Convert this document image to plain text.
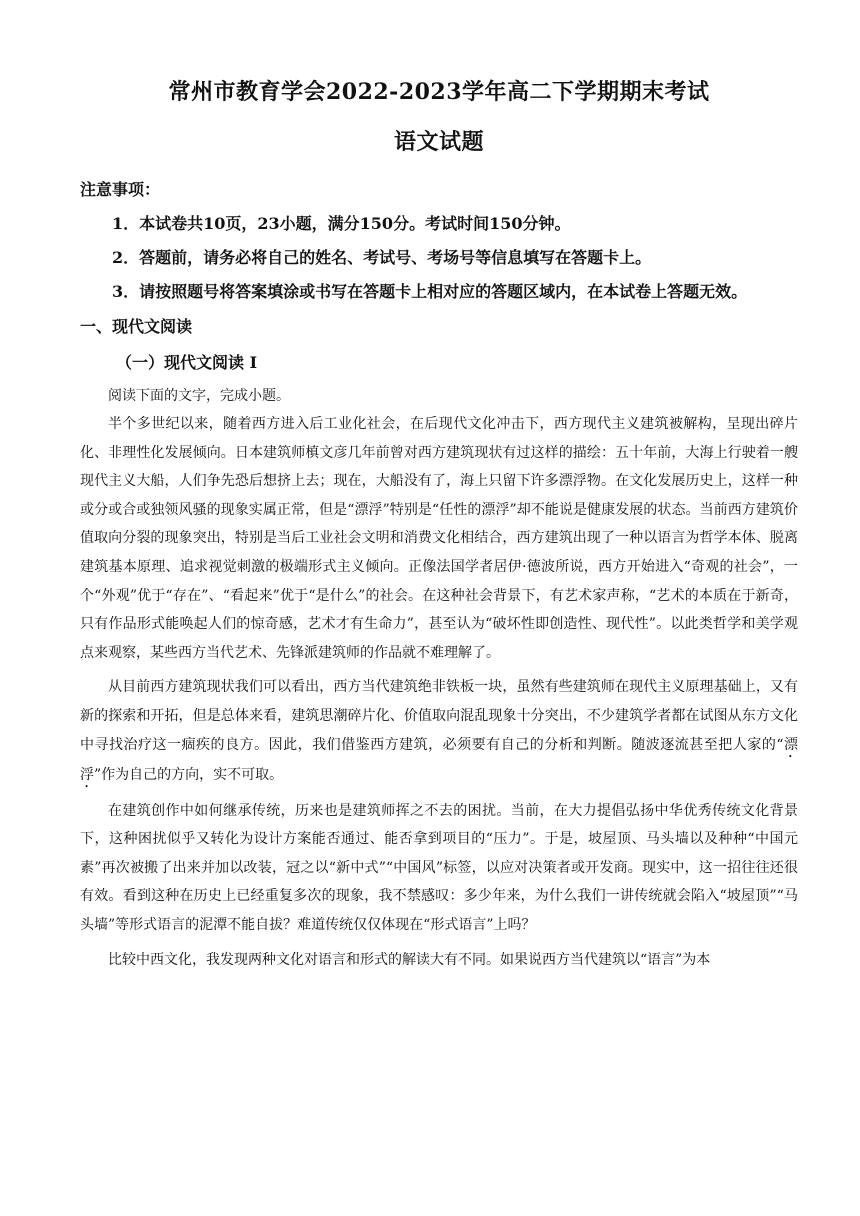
常州市教育学会2022-2023学年高二下学期期末考试
语文试题
注意事项：
1．本试卷共10页，23小题，满分150分。考试时间150分钟。
2．答题前，请务必将自己的姓名、考试号、考场号等信息填写在答题卡上。
3．请按照题号将答案填涂或书写在答题卡上相对应的答题区域内，在本试卷上答题无效。
一、现代文阅读
（一）现代文阅读 I
阅读下面的文字，完成小题。

半个多世纪以来，随着西方进入后工业化社会，在后现代文化冲击下，西方现代主义建筑被解构，呈现出碎片化、非理性化发展倾向。日本建筑师槙文彦几年前曾对西方建筑现状有过这样的描绘：五十年前，大海上行驶着一艘现代主义大船，人们争先恐后想挤上去；现在，大船没有了，海上只留下许多漂浮物。在文化发展历史上，这样一种或分或合或独领风骚的现象实属正常，但是“漂浮”特别是“任性的漂浮”却不能说是健康发展的状态。当前西方建筑价值取向分裂的现象突出，特别是当后工业社会文明和消费文化相结合，西方建筑出现了一种以语言为哲学本体、脱离建筑基本原理、追求视觉刺激的极端形式主义倾向。正像法国学者居伊·德波所说，西方开始进入“奇观的社会”，一个“外观”优于“存在”、“看起来”优于“是什么”的社会。在这种社会背景下，有艺术家声称，“艺术的本质在于新奇，只有作品形式能唤起人们的惊奇感，艺术才有生命力”，甚至认为“破坏性即创造性、现代性”。以此类哲学和美学观点来观察，某些西方当代艺术、先锋派建筑师的作品就不难理解了。

从目前西方建筑现状我们可以看出，西方当代建筑绝非铁板一块，虽然有些建筑师在现代主义原理基础上，又有新的探索和开拓，但是总体来看，建筑思潮碎片化、价值取向混乱现象十分突出，不少建筑学者都在试图从东方文化中寻找治疗这一痼疾的良方。因此，我们借鉴西方建筑，必须要有自己的分析和判断。随波逐流甚至把人家的“漂浮”作为自己的方向，实不可取。

在建筑创作中如何继承传统，历来也是建筑师挥之不去的困扰。当前，在大力提倡弘扬中华优秀传统文化背景下，这种困扰似乎又转化为设计方案能否通过、能否拿到项目的“压力”。于是，坡屋顶、马头墙以及种种“中国元素”再次被搬了出来并加以改装，冠之以“新中式”“中国风”标签，以应对决策者或开发商。现实中，这一招往往还很有效。看到这种在历史上已经重复多次的现象，我不禁感叹：多少年来，为什么我们一讲传统就会陷入“坡屋顶”“马头墙”等形式语言的泥潭不能自拔？难道传统仅仅体现在“形式语言”上吗？

比较中西文化，我发现两种文化对语言和形式的解读大有不同。如果说西方当代建筑以“语言”为本
